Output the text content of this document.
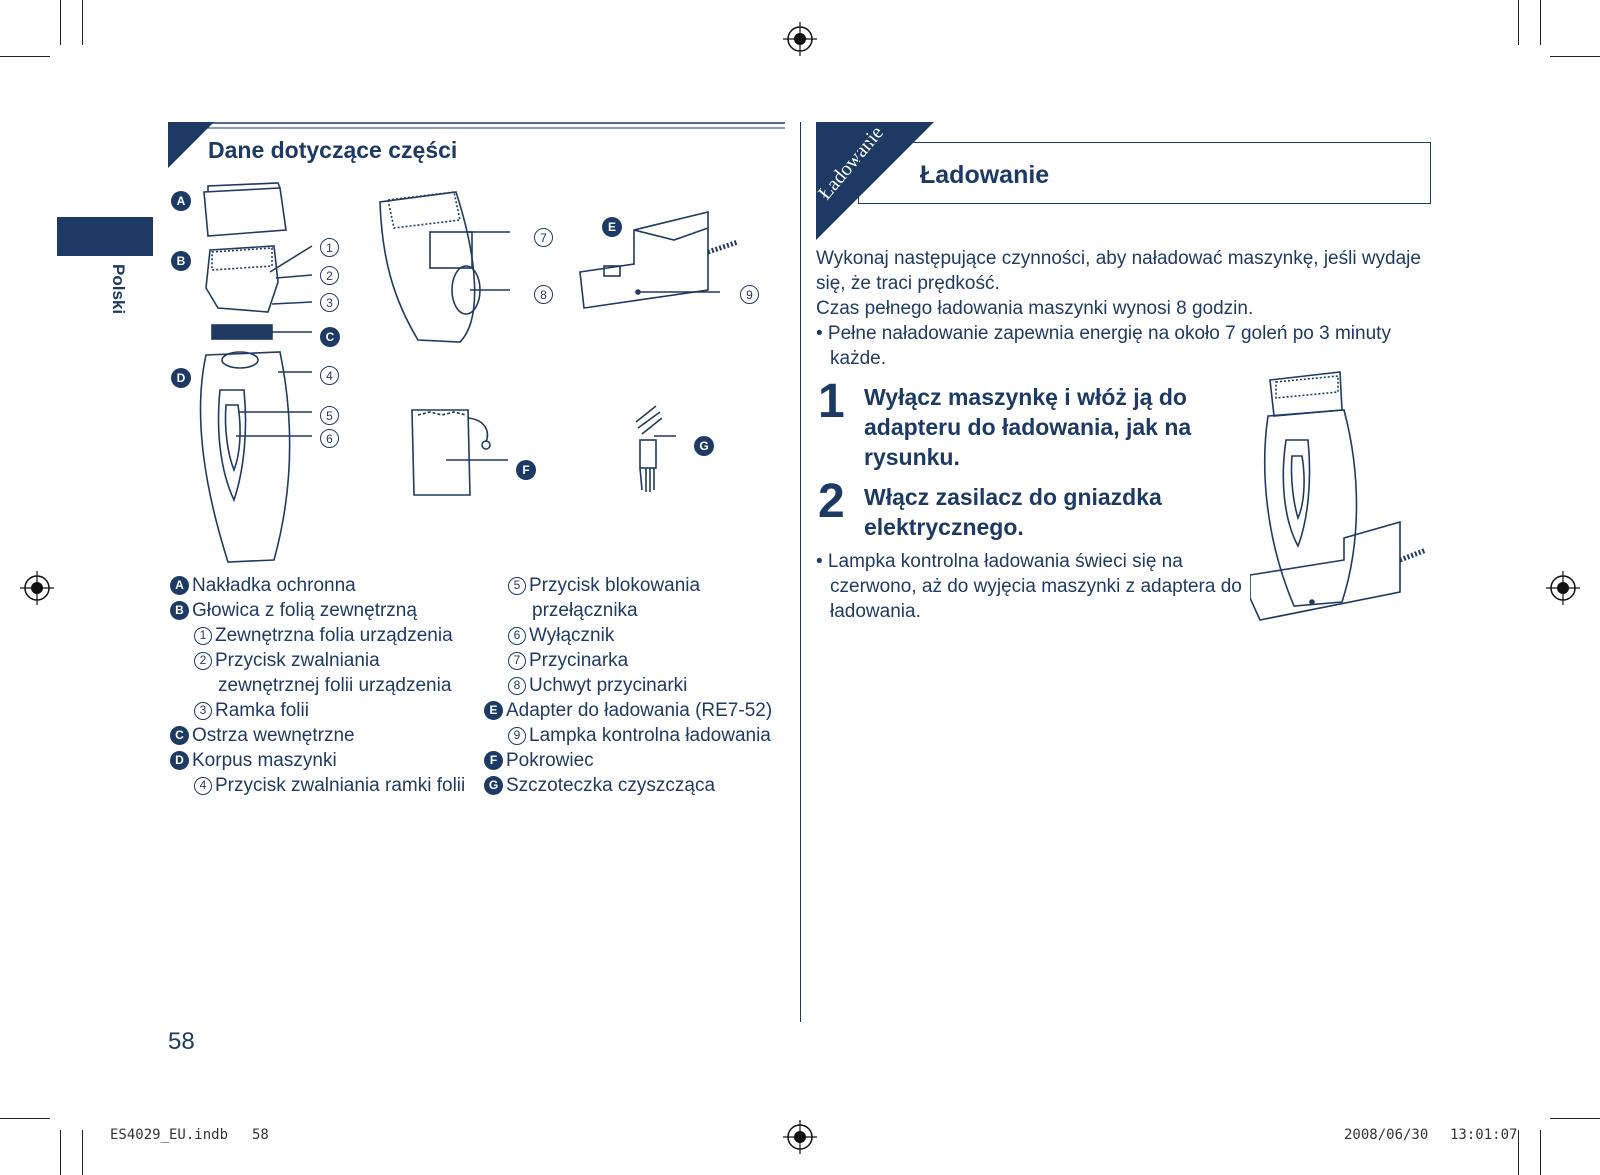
Polski
Dane dotyczące części
A
B
C
D
E
F
G
1
2
3
4
5
6
7
8	9
A Nakładka ochronna
B Głowica z folią zewnętrzną
1 Zewnętrzna folia urządzenia
2 Przycisk zwalniania
zewnętrznej folii urządzenia
3 Ramka folii
C Ostrza wewnętrzne
D Korpus maszynki
4 Przycisk zwalniania ramki folii
5 Przycisk blokowania
przełącznika
6 Wyłącznik
7 Przycinarka
8 Uchwyt przycinarki
E Adapter do ładowania (RE7-52)
9 Lampka kontrolna ładowania
F Pokrowiec
G Szczoteczka czyszcząca
Ładowanie Ładowanie
Wykonaj następujące czynności, aby naładować maszynkę, jeśli wydaje
się, że traci prędkość.
Czas pełnego ładowania maszynki wynosi 8 godzin.
• Pełne naładowanie zapewnia energię na około 7 goleń po 3 minuty
każde.
1 Wyłącz maszynkę i włóż ją do
adapteru do ładowania, jak na
rysunku.
2 Włącz zasilacz do gniazdka
elektrycznego.
• Lampka kontrolna ładowania świeci się na
czerwono, aż do wyjęcia maszynki z adaptera do
ładowania.
58
ES4029_EU.indb 58	2008/06/30 13:01:07
